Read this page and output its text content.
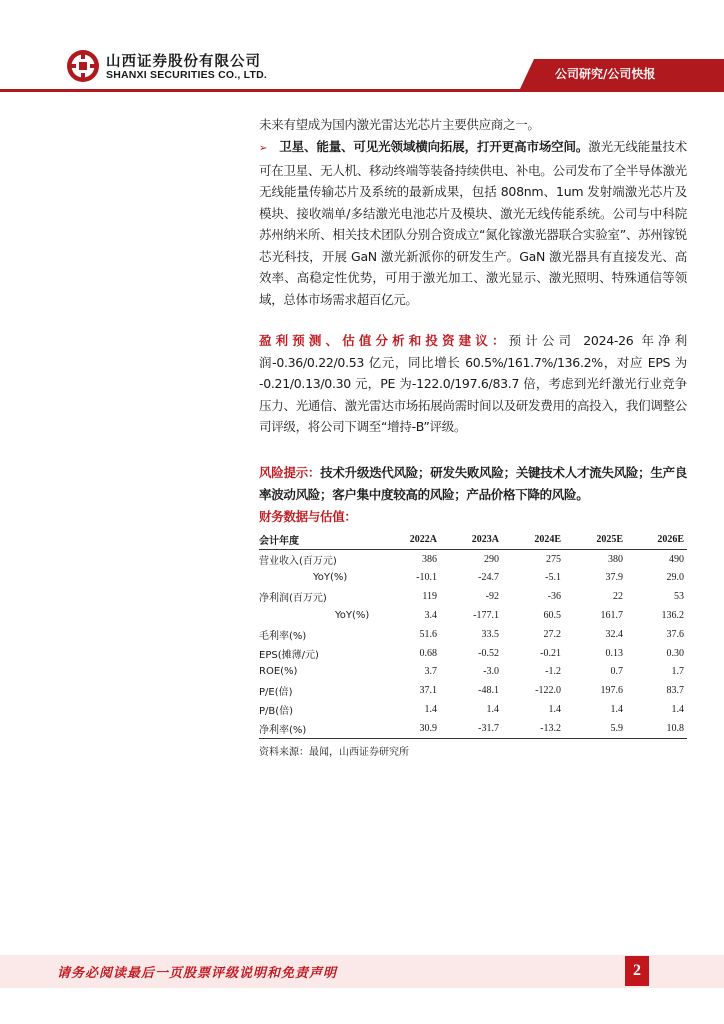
山西证券股份有限公司
SHANXI SECURITIES CO., LTD.	公司研究/公司快报

未来有望成为国内激光雷达光芯片主要供应商之一。

➢ 卫星、能量、可见光领域横向拓展，打开更高市场空间。激光无线能量技术可在卫星、无人机、移动终端等装备持续供电、补电。公司发布了全半导体激光无线能量传输芯片及系统的最新成果，包括 808nm、1um 发射端激光芯片及模块、接收端单/多结激光电池芯片及模块、激光无线传能系统。公司与中科院苏州纳米所、相关技术团队分别合资成立“氮化镓激光器联合实验室”、苏州镓锐芯光科技，开展 GaN 激光新派你的研发生产。GaN 激光器具有直接发光、高效率、高稳定性优势，可用于激光加工、激光显示、激光照明、特殊通信等领域，总体市场需求超百亿元。

盈利预测、估值分析和投资建议：预计公司 2024-26 年净利润-0.36/0.22/0.53 亿元，同比增长 60.5%/161.7%/136.2%，对应 EPS 为 -0.21/0.13/0.30 元，PE 为-122.0/197.6/83.7 倍，考虑到光纤激光行业竞争压力、光通信、激光雷达市场拓展尚需时间以及研发费用的高投入，我们调整公司评级，将公司下调至“增持-B”评级。

风险提示：技术升级迭代风险；研发失败风险；关键技术人才流失风险；生产良率波动风险；客户集中度较高的风险；产品价格下降的风险。

财务数据与估值：
会计年度	2022A	2023A	2024E	2025E	2026E
营业收入(百万元)	386	290	275	380	490
YoY(%)	-10.1	-24.7	-5.1	37.9	29.0
净利润(百万元)	119	-92	-36	22	53
YoY(%)	3.4	-177.1	60.5	161.7	136.2
毛利率(%)	51.6	33.5	27.2	32.4	37.6
EPS(摊薄/元)	0.68	-0.52	-0.21	0.13	0.30
ROE(%)	3.7	-3.0	-1.2	0.7	1.7
P/E(倍)	37.1	-48.1	-122.0	197.6	83.7
P/B(倍)	1.4	1.4	1.4	1.4	1.4
净利率(%)	30.9	-31.7	-13.2	5.9	10.8
资料来源：最闻，山西证券研究所
请务必阅读最后一页股票评级说明和免责声明	2
